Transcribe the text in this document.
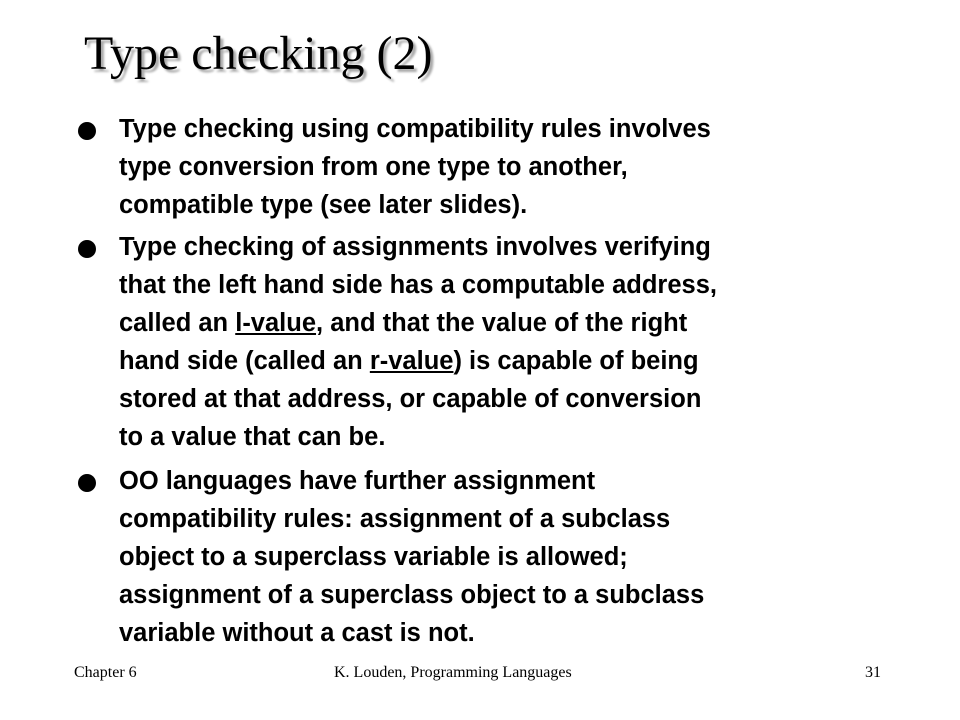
Type checking (2)

Type checking using compatibility rules involves
type conversion from one type to another,
compatible type (see later slides).

Type checking of assignments involves verifying
that the left hand side has a computable address,
called an l-value, and that the value of the right
hand side (called an r-value) is capable of being
stored at that address, or capable of conversion
to a value that can be.

OO languages have further assignment
compatibility rules: assignment of a subclass
object to a superclass variable is allowed;
assignment of a superclass object to a subclass
variable without a cast is not.

Chapter 6	K. Louden, Programming Languages	31
